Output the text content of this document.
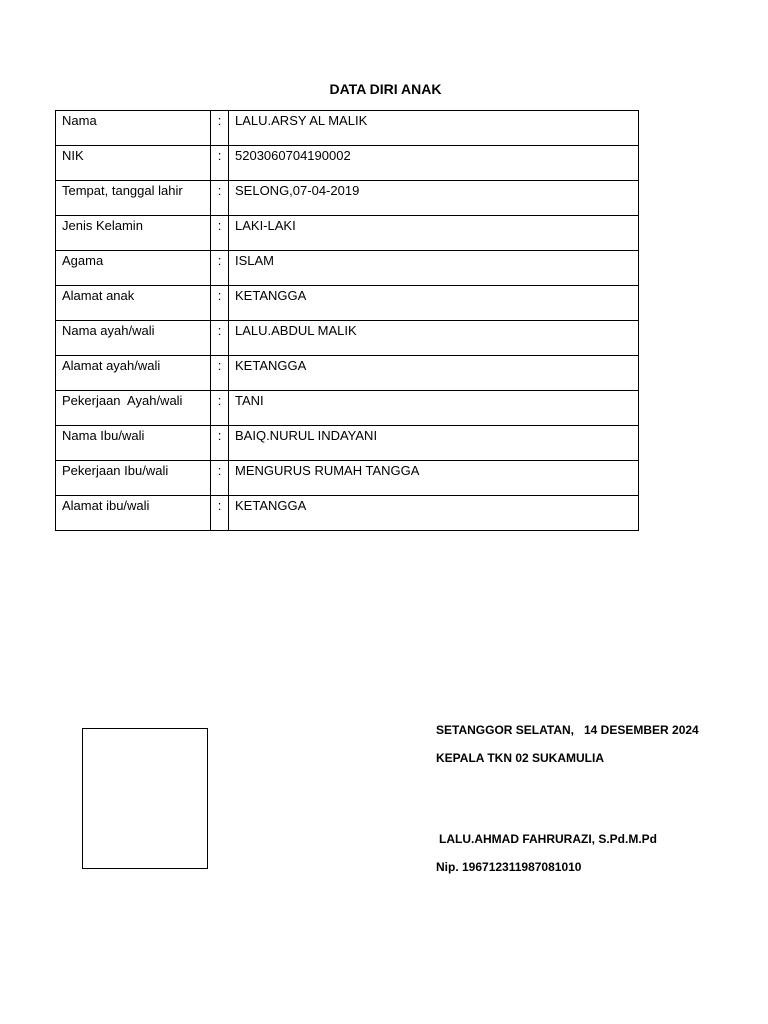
DATA DIRI ANAK
Nama	:	LALU.ARSY AL MALIK
NIK	:	5203060704190002
Tempat, tanggal lahir	:	SELONG,07-04-2019
Jenis Kelamin	:	LAKI-LAKI
Agama	:	ISLAM
Alamat anak	:	KETANGGA
Nama ayah/wali	:	LALU.ABDUL MALIK
Alamat ayah/wali	:	KETANGGA
Pekerjaan  Ayah/wali	:	TANI
Nama Ibu/wali	:	BAIQ.NURUL INDAYANI
Pekerjaan Ibu/wali	:	MENGURUS RUMAH TANGGA
Alamat ibu/wali	:	KETANGGA
SETANGGOR SELATAN,   14 DESEMBER 2024
KEPALA TKN 02 SUKAMULIA
LALU.AHMAD FAHRURAZI, S.Pd.M.Pd
Nip. 196712311987081010
